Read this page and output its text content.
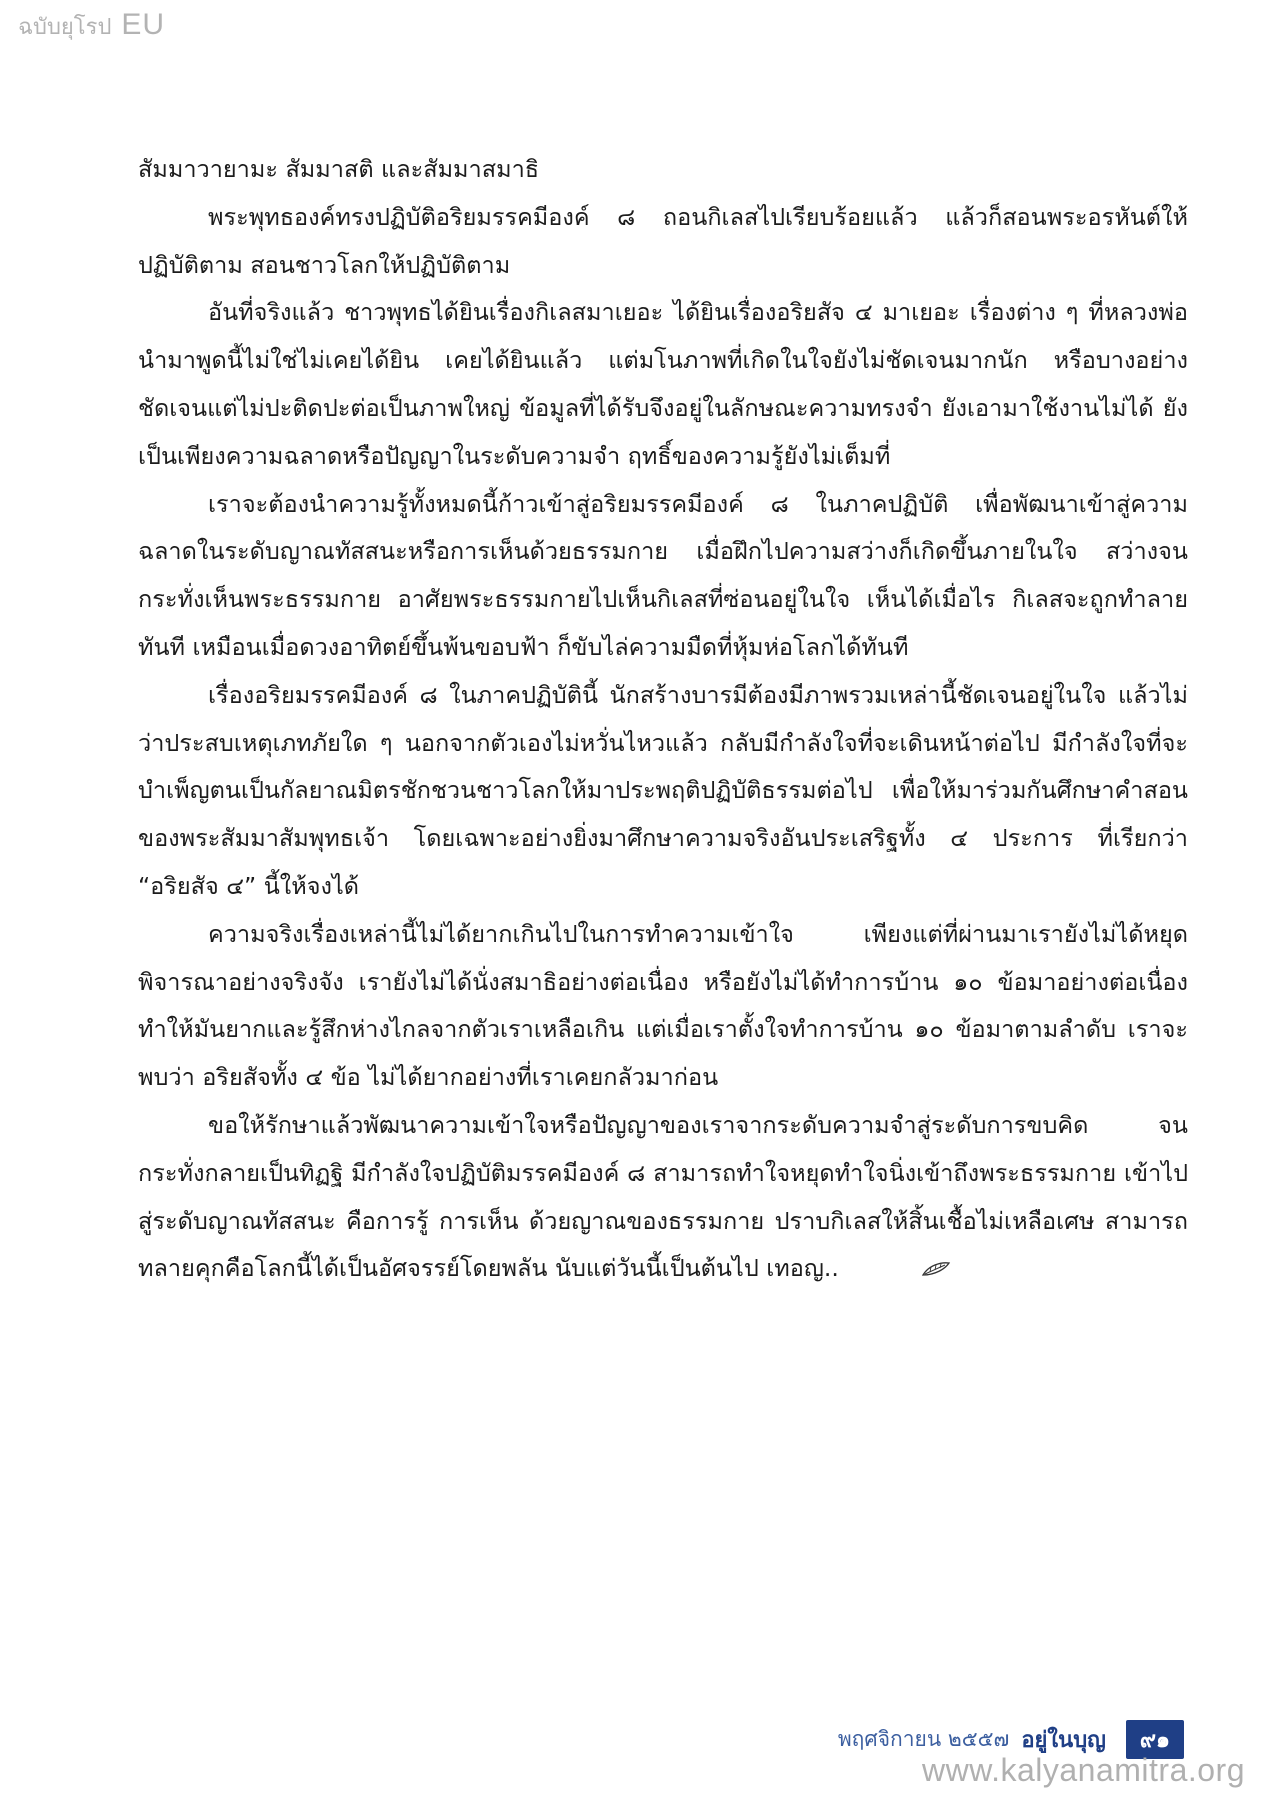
ฉบับยุโรป EU

สัมมาวายามะ สัมมาสติ และสัมมาสมาธิ

พระพุทธองค์ทรงปฏิบัติอริยมรรคมีองค์ ๘ ถอนกิเลสไปเรียบร้อยแล้ว แล้วก็สอนพระอรหันต์ให้ปฏิบัติตาม สอนชาวโลกให้ปฏิบัติตาม

อันที่จริงแล้ว ชาวพุทธได้ยินเรื่องกิเลสมาเยอะ ได้ยินเรื่องอริยสัจ ๔ มาเยอะ เรื่องต่าง ๆ ที่หลวงพ่อนำมาพูดนี้ไม่ใช่ไม่เคยได้ยิน เคยได้ยินแล้ว แต่มโนภาพที่เกิดในใจยังไม่ชัดเจนมากนัก หรือบางอย่างชัดเจนแต่ไม่ปะติดปะต่อเป็นภาพใหญ่ ข้อมูลที่ได้รับจึงอยู่ในลักษณะความทรงจำ ยังเอามาใช้งานไม่ได้ ยังเป็นเพียงความฉลาดหรือปัญญาในระดับความจำ ฤทธิ์ของความรู้ยังไม่เต็มที่

เราจะต้องนำความรู้ทั้งหมดนี้ก้าวเข้าสู่อริยมรรคมีองค์ ๘ ในภาคปฏิบัติ เพื่อพัฒนาเข้าสู่ความฉลาดในระดับญาณทัสสนะหรือการเห็นด้วยธรรมกาย เมื่อฝึกไปความสว่างก็เกิดขึ้นภายในใจ สว่างจนกระทั่งเห็นพระธรรมกาย อาศัยพระธรรมกายไปเห็นกิเลสที่ซ่อนอยู่ในใจ เห็นได้เมื่อไร กิเลสจะถูกทำลายทันที เหมือนเมื่อดวงอาทิตย์ขึ้นพ้นขอบฟ้า ก็ขับไล่ความมืดที่หุ้มห่อโลกได้ทันที

เรื่องอริยมรรคมีองค์ ๘ ในภาคปฏิบัตินี้ นักสร้างบารมีต้องมีภาพรวมเหล่านี้ชัดเจนอยู่ในใจ แล้วไม่ว่าประสบเหตุเภทภัยใด ๆ นอกจากตัวเองไม่หวั่นไหวแล้ว กลับมีกำลังใจที่จะเดินหน้าต่อไป มีกำลังใจที่จะบำเพ็ญตนเป็นกัลยาณมิตรชักชวนชาวโลกให้มาประพฤติปฏิบัติธรรมต่อไป เพื่อให้มาร่วมกันศึกษาคำสอนของพระสัมมาสัมพุทธเจ้า โดยเฉพาะอย่างยิ่งมาศึกษาความจริงอันประเสริฐทั้ง ๔ ประการ ที่เรียกว่า “อริยสัจ ๔” นี้ให้จงได้

ความจริงเรื่องเหล่านี้ไม่ได้ยากเกินไปในการทำความเข้าใจ เพียงแต่ที่ผ่านมาเรายังไม่ได้หยุดพิจารณาอย่างจริงจัง เรายังไม่ได้นั่งสมาธิอย่างต่อเนื่อง หรือยังไม่ได้ทำการบ้าน ๑๐ ข้อมาอย่างต่อเนื่อง ทำให้มันยากและรู้สึกห่างไกลจากตัวเราเหลือเกิน แต่เมื่อเราตั้งใจทำการบ้าน ๑๐ ข้อมาตามลำดับ เราจะพบว่า อริยสัจทั้ง ๔ ข้อ ไม่ได้ยากอย่างที่เราเคยกลัวมาก่อน

ขอให้รักษาแล้วพัฒนาความเข้าใจหรือปัญญาของเราจากระดับความจำสู่ระดับการขบคิด จนกระทั่งกลายเป็นทิฏฐิ มีกำลังใจปฏิบัติมรรคมีองค์ ๘ สามารถทำใจหยุดทำใจนิ่งเข้าถึงพระธรรมกาย เข้าไปสู่ระดับญาณทัสสนะ คือการรู้ การเห็น ด้วยญาณของธรรมกาย ปราบกิเลสให้สิ้นเชื้อไม่เหลือเศษ สามารถทลายคุกคือโลกนี้ได้เป็นอัศจรรย์โดยพลัน นับแต่วันนี้เป็นต้นไป เทอญ..

พฤศจิกายน ๒๕๕๗ อยู่ในบุญ	๙๑
www.kalyanamitra.org
